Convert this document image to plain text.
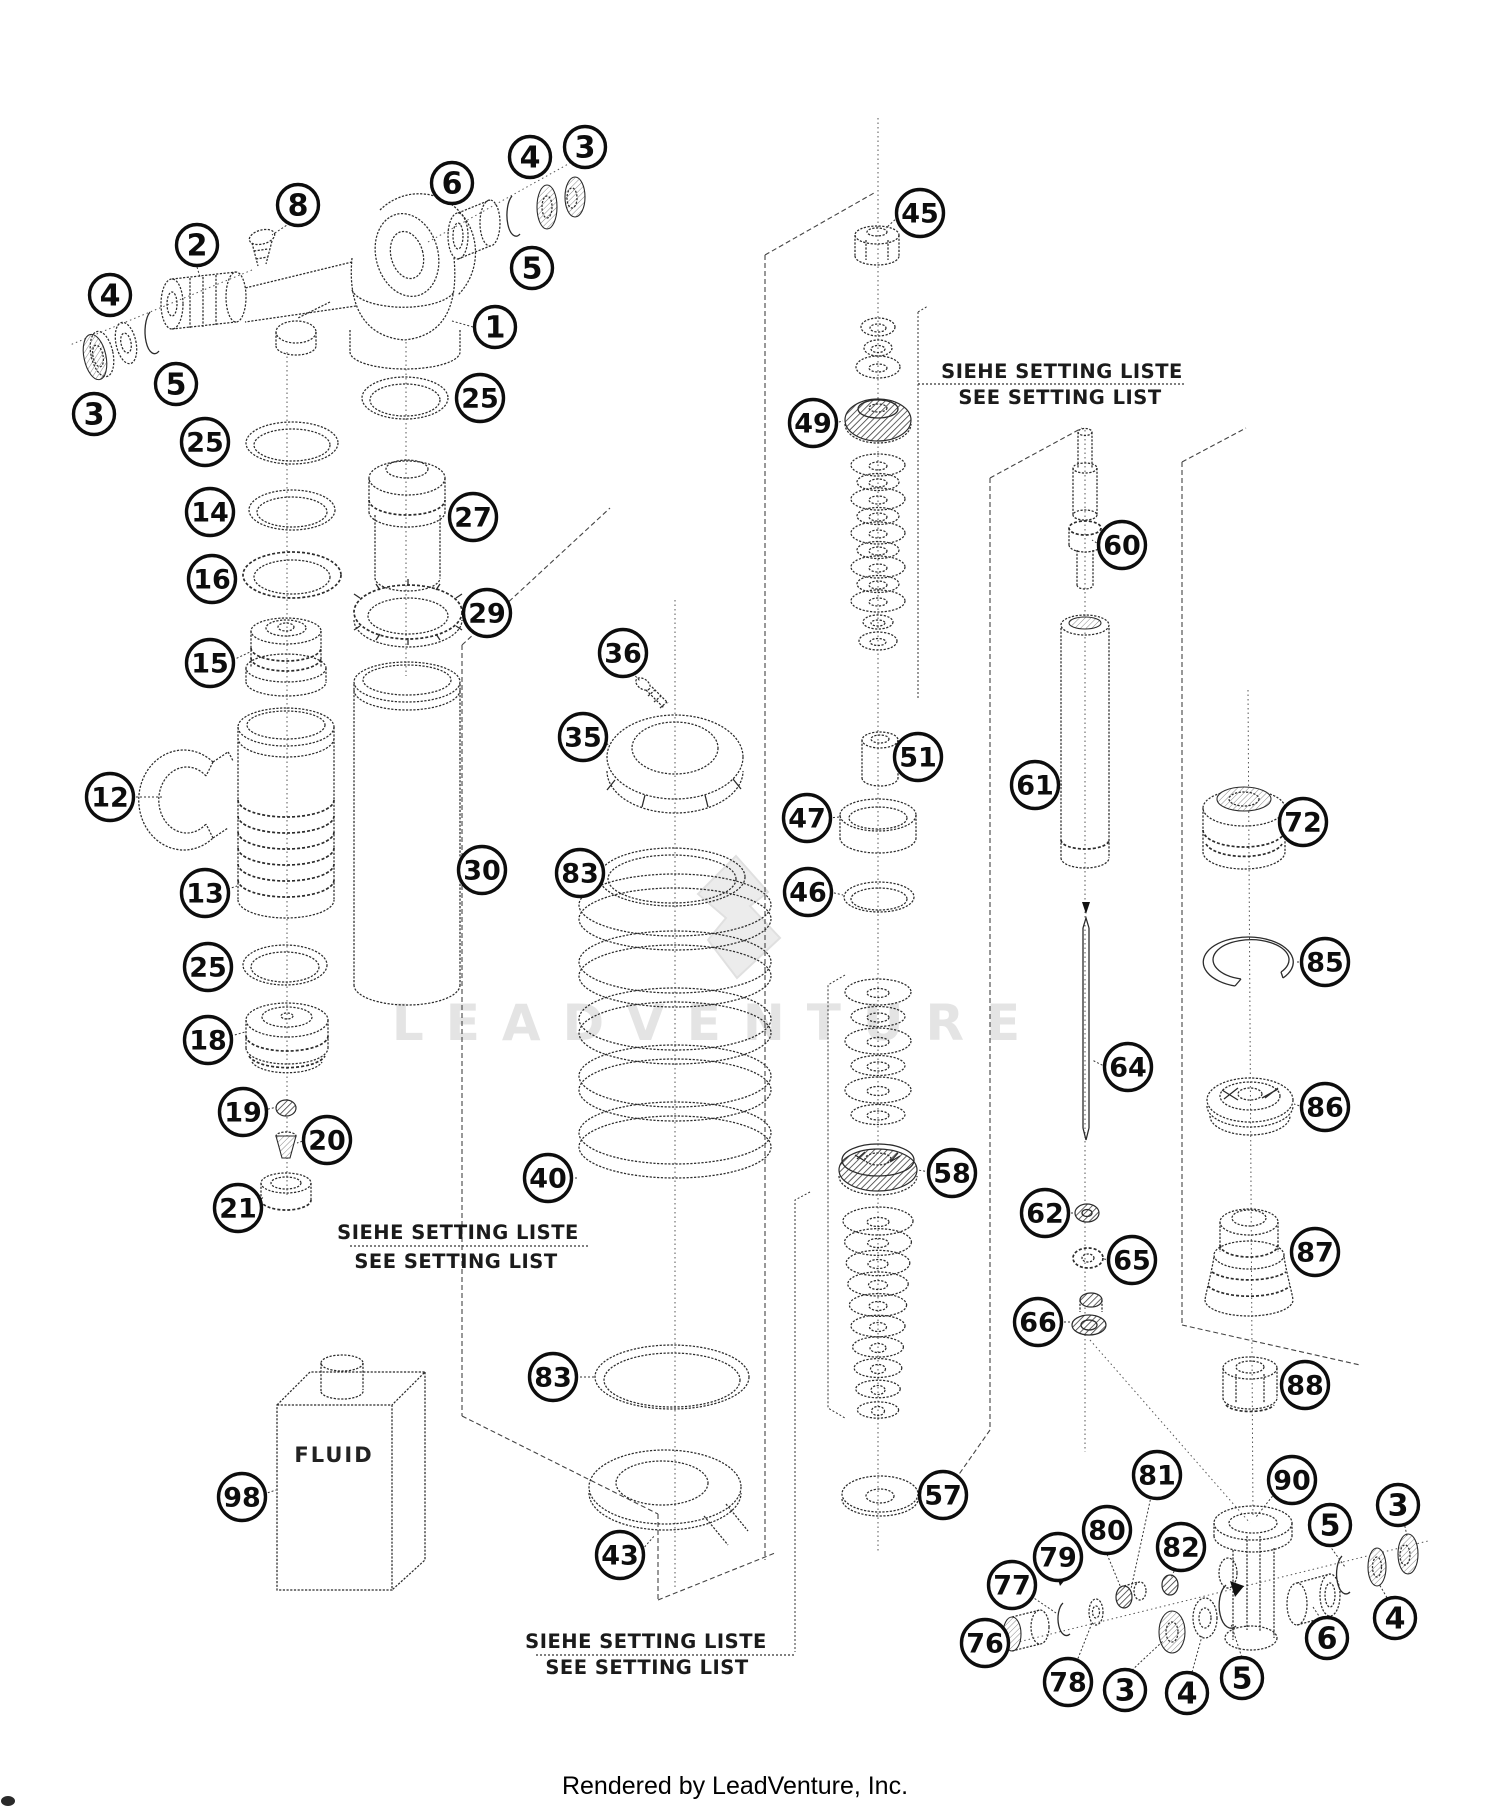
LEADVENTURE
FLUID
SIEHE SETTING LISTE
SEE SETTING LIST
SIEHE SETTING LISTE
SEE SETTING LIST
SIEHE SETTING LISTE
SEE SETTING LIST
2
8
6
4 3
5
1
4
5
3
25
14
16
15
12
13
25
18
19
20
21
98
25
27
29
30
36
35
83
40
83
43
45
49
51
47
46
58
57
60
61
72
85
64
86
62
65	87
66
88
81	90
80
82
79
5
3
77
76	6
4
78 3 4 5
Rendered by LeadVenture, Inc.
